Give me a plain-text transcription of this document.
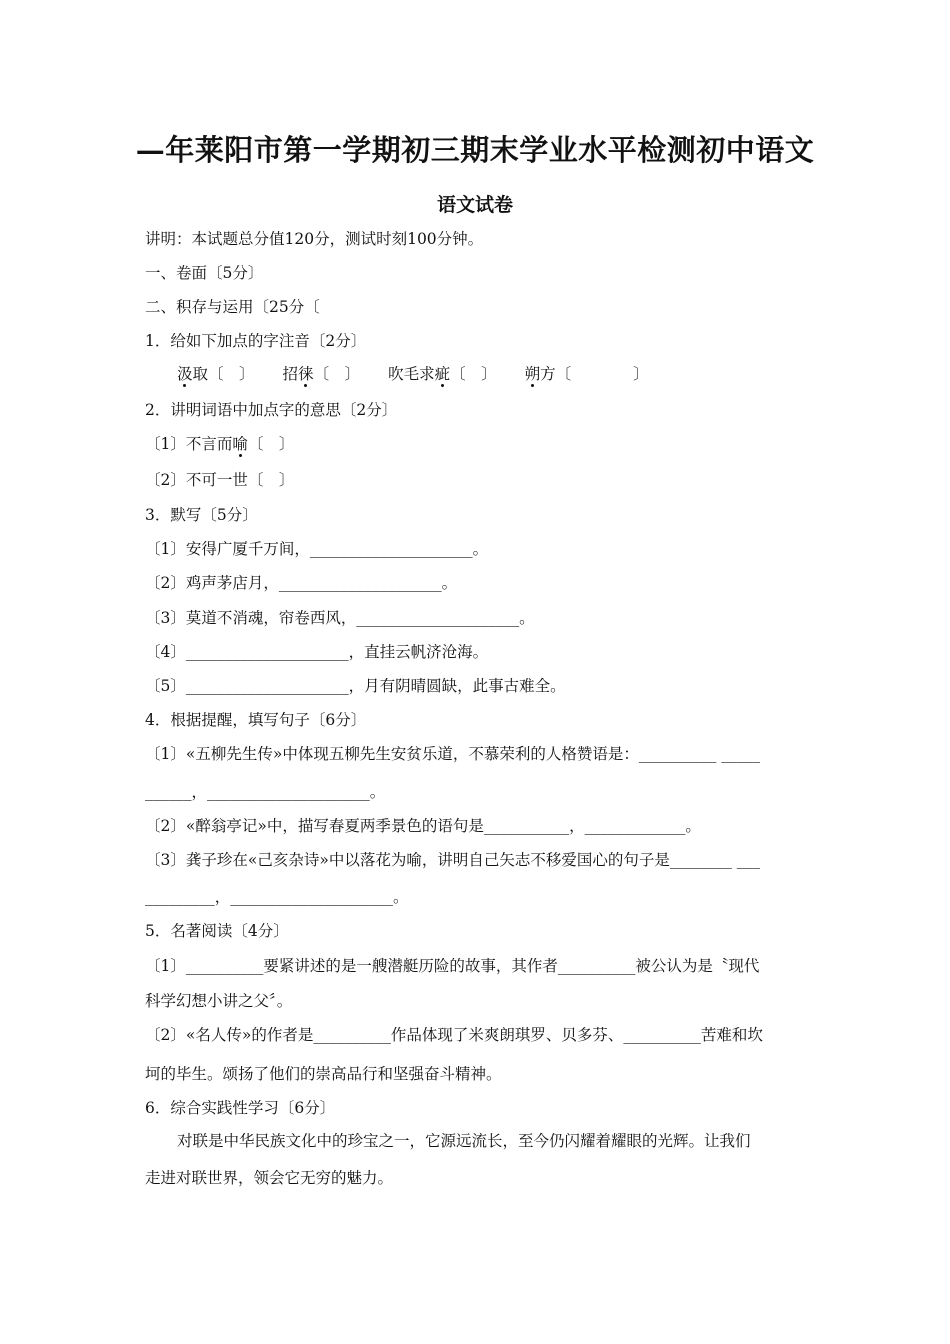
—年莱阳市第一学期初三期末学业水平检测初中语文
语文试卷
讲明：本试题总分值120分，测试时刻100分钟。
一、卷面〔5分〕
二、积存与运用〔25分〔
1．给如下加点的字注音〔2分〕
汲取〔　〕 招徕〔　〕 吹毛求疵〔　〕 朔方〔　　　　〕
2．讲明词语中加点字的意思〔2分〕
〔1〕不言而喻〔　〕
〔2〕不可一世〔　〕
3．默写〔5分〕
〔1〕安得广厦千万间，_____________________。
〔2〕鸡声茅店月，_____________________。
〔3〕莫道不消魂，帘卷西风，_____________________。
〔4〕_____________________，直挂云帆济沧海。
〔5〕_____________________，月有阴晴圆缺，此事古难全。
4．根据提醒，填写句子〔6分〕
〔1〕«五柳先生传»中体现五柳先生安贫乐道，不慕荣利的人格赞语是：__________ _____
______，_____________________。
〔2〕«醉翁亭记»中，描写春夏两季景色的语句是___________，_____________。
〔3〕龚子珍在«己亥杂诗»中以落花为喻，讲明自己矢志不移爱国心的句子是________ ___
_________，_____________________。
5．名著阅读〔4分〕
〔1〕__________要紧讲述的是一艘潜艇历险的故事，其作者__________被公认为是〝现代
科学幻想小讲之父〞。
〔2〕«名人传»的作者是__________作品体现了米爽朗琪罗、贝多芬、__________苦难和坎
坷的毕生。颂扬了他们的崇高品行和坚强奋斗精神。
6．综合实践性学习〔6分〕
对联是中华民族文化中的珍宝之一，它源远流长，至今仍闪耀着耀眼的光辉。让我们
走进对联世界，领会它无穷的魅力。
